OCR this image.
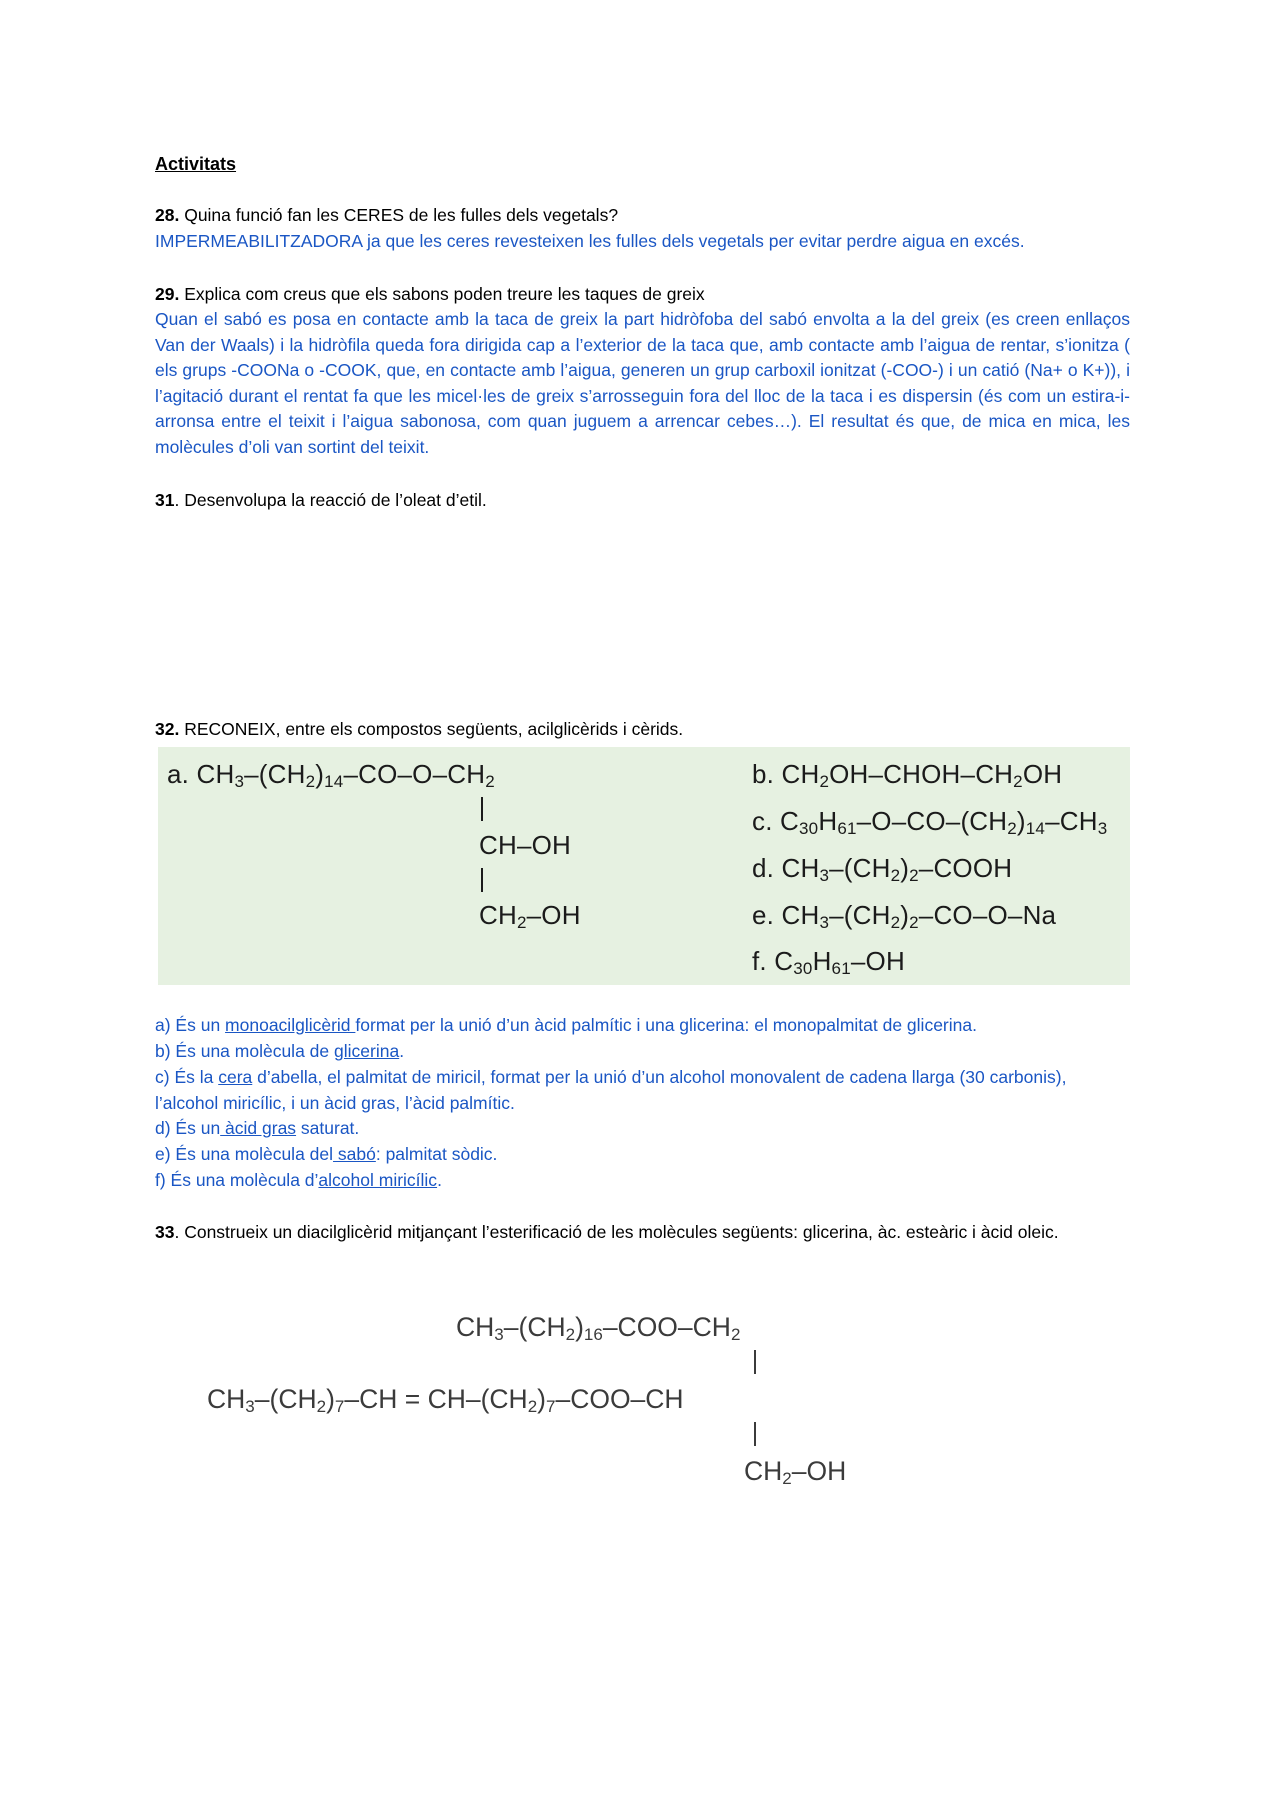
Activitats
28. Quina funció fan les CERES de les fulles dels vegetals?
IMPERMEABILITZADORA ja que les ceres revesteixen les fulles dels vegetals per evitar perdre aigua en excés.
29. Explica com creus que els sabons poden treure les taques de greix
Quan el sabó es posa en contacte amb la taca de greix la part hidròfoba del sabó envolta a la del greix (es creen enllaços Van der Waals) i la hidròfila queda fora dirigida cap a l’exterior de la taca que, amb contacte amb l’aigua de rentar, s’ionitza ( els grups -COONa o -COOK, que, en contacte amb l’aigua, generen un grup carboxil ionitzat (-COO-) i un catió (Na+ o K+)), i l’agitació durant el rentat fa que les micel·les de greix s’arrosseguin fora del lloc de la taca i es dispersin (és com un estira-i-arronsa entre el teixit i l’aigua sabonosa, com quan juguem a arrencar cebes…). El resultat és que, de mica en mica, les molècules d’oli van sortint del teixit.
31. Desenvolupa la reacció de l’oleat d’etil.
32. RECONEIX, entre els compostos següents, acilglicèrids i cèrids.
a. $CH_3-(CH_2)_{14}-CO-O-CH_2$
CH–OH
$CH_2-OH$
b. $CH_2OH-CHOH-CH_2OH$
c. $C_{30}H_{61}-O-CO-(CH_2)_{14}-CH_3$
d. $CH_3-(CH_2)_2$–COOH
e. $CH_3-(CH_2)_2-CO-O-Na$
f. $C_{30}H_{61}-OH$
a) És un monoacilglicèrid format per la unió d’un àcid palmític i una glicerina: el monopalmitat de glicerina.
b) És una molècula de glicerina.
c) És la cera d’abella, el palmitat de miricil, format per la unió d’un alcohol monovalent de cadena llarga (30 carbonis), l’alcohol miricílic, i un àcid gras, l’àcid palmític.
d) És un àcid gras saturat.
e) És una molècula del sabó: palmitat sòdic.
f) És una molècula d’alcohol miricílic.
33. Construeix un diacilglicèrid mitjançant l’esterificació de les molècules següents: glicerina, àc. esteàric i àcid oleic.
$CH_3-(CH_2)_{16}-COO-CH_2$
$CH_3-(CH_2)_7-CH = CH-(CH_2)_7-COO-CH$
$CH_2-OH$
